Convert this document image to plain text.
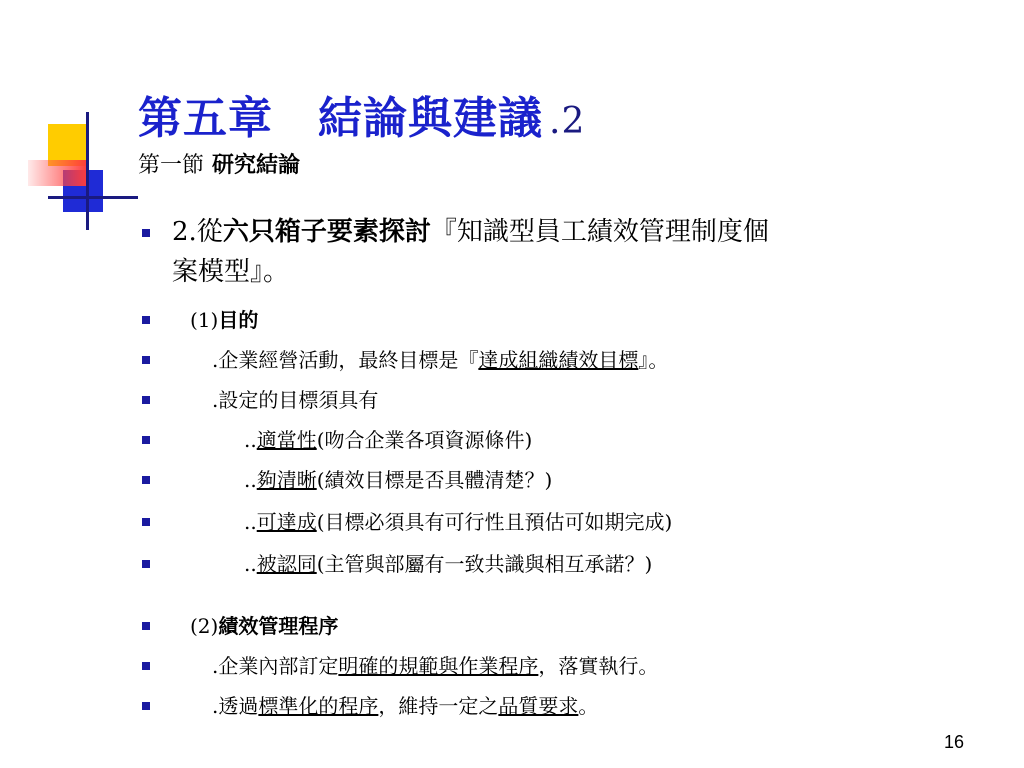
第五章　結論與建議 .2

第一節 研究結論

2.從六只箱子要素探討『知識型員工績效管理制度個
案模型』。
(1)目的
.企業經營活動，最終目標是『達成組織績效目標』。
.設定的目標須具有
..適當性(吻合企業各項資源條件)
..夠清晰(績效目標是否具體清楚？)
..可達成(目標必須具有可行性且預估可如期完成)
..被認同(主管與部屬有一致共識與相互承諾？)
(2)績效管理程序
.企業內部訂定明確的規範與作業程序，落實執行。
.透過標準化的程序，維持一定之品質要求。

16
